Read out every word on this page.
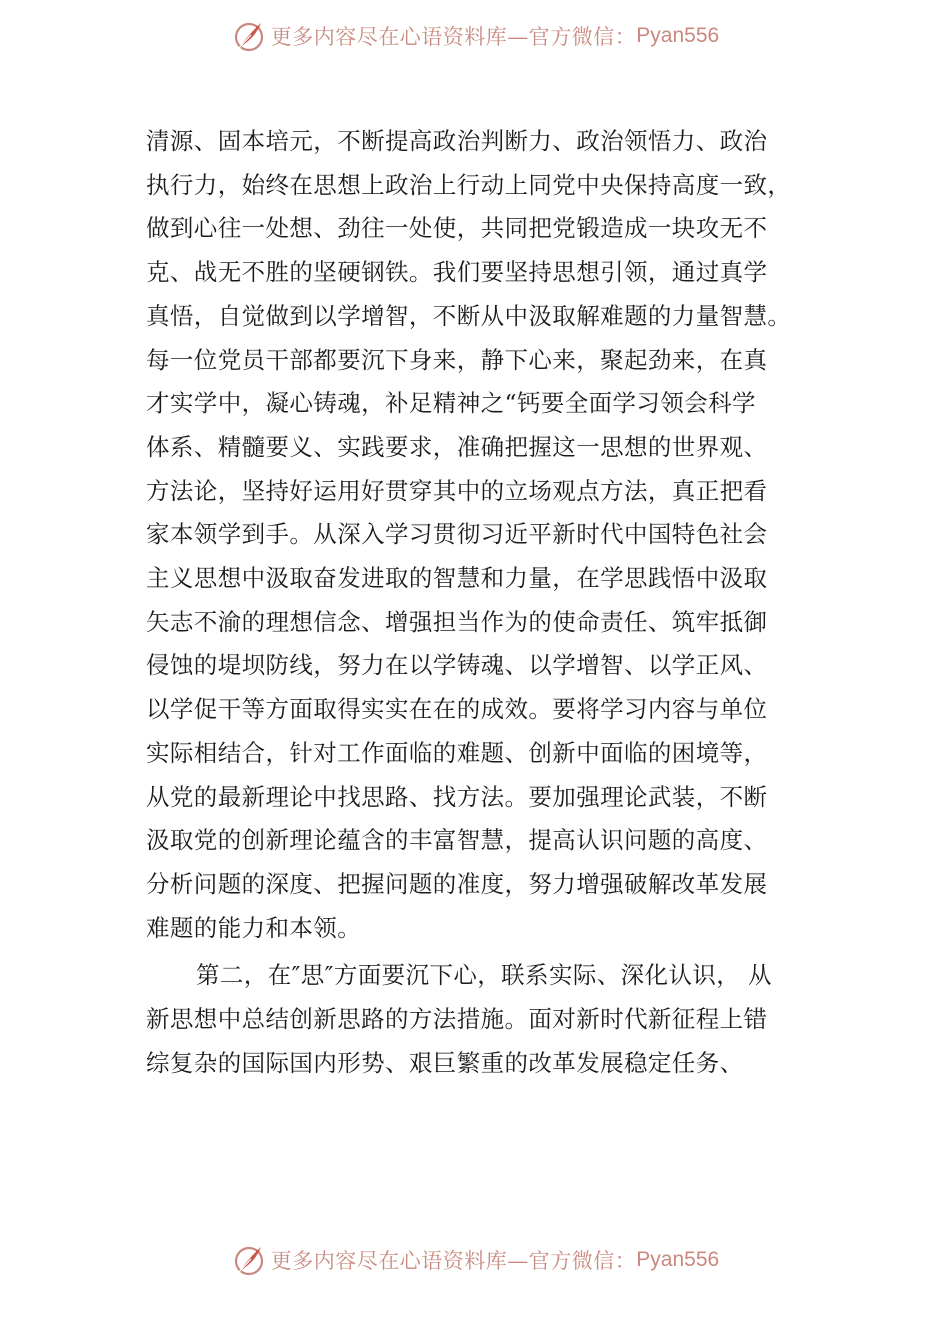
更多内容尽在心语资料库—官方微信： Pyan556

清源、固本培元，不断提高政治判断力、政治领悟力、政治
执行力，始终在思想上政治上行动上同党中央保持高度一致，
做到心往一处想、劲往一处使，共同把党锻造成一块攻无不
克、战无不胜的坚硬钢铁。我们要坚持思想引领，通过真学
真悟，自觉做到以学增智，不断从中汲取解难题的力量智慧。
每一位党员干部都要沉下身来，静下心来，聚起劲来，在真
才实学中，凝心铸魂，补足精神之“钙要全面学习领会科学
体系、精髓要义、实践要求，准确把握这一思想的世界观、
方法论，坚持好运用好贯穿其中的立场观点方法，真正把看
家本领学到手。从深入学习贯彻习近平新时代中国特色社会
主义思想中汲取奋发进取的智慧和力量，在学思践悟中汲取
矢志不渝的理想信念、增强担当作为的使命责任、筑牢抵御
侵蚀的堤坝防线，努力在以学铸魂、以学增智、以学正风、
以学促干等方面取得实实在在的成效。要将学习内容与单位
实际相结合，针对工作面临的难题、创新中面临的困境等，
从党的最新理论中找思路、找方法。要加强理论武装，不断
汲取党的创新理论蕴含的丰富智慧，提高认识问题的高度、
分析问题的深度、把握问题的准度，努力增强破解改革发展
难题的能力和本领。

第二，在″思″方面要沉下心，联系实际、深化认识， 从
新思想中总结创新思路的方法措施。面对新时代新征程上错
综复杂的国际国内形势、艰巨繁重的改革发展稳定任务、

更多内容尽在心语资料库—官方微信： Pyan556
